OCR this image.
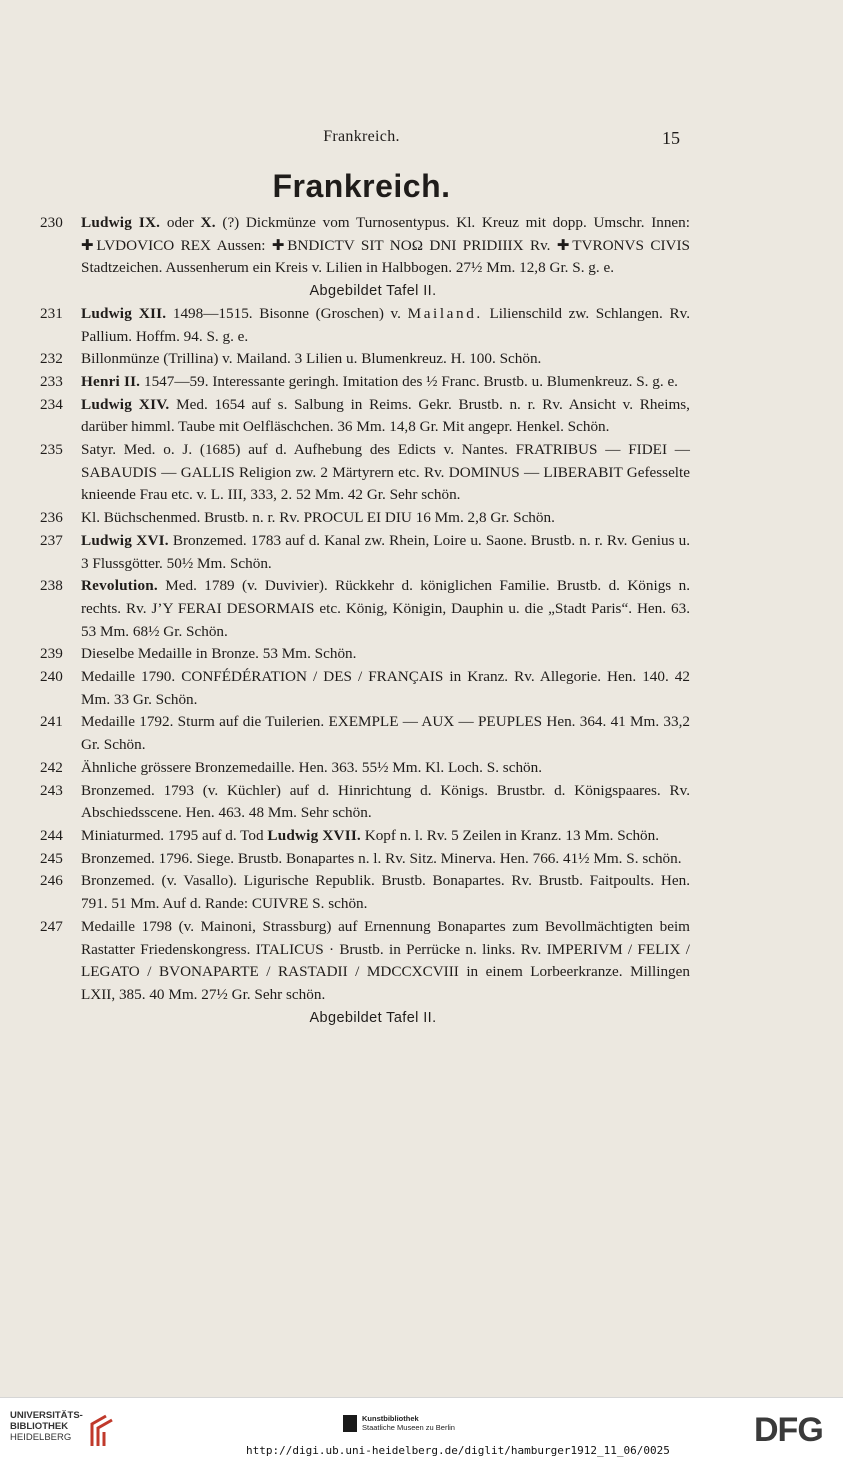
Frankreich.	15
Frankreich.
230	Ludwig IX. oder X. (?) Dickmünze vom Turnosentypus. Kl. Kreuz mit dopp. Umschr. Innen: ✚LVDOVICO REX Aussen: ✚BNDICTV SIT NOΩ DNI PRIDIIIX Rv. ✚TVRONVS CIVIS Stadtzeichen. Aussenherum ein Kreis v. Lilien in Halbbogen. 27½ Mm. 12,8 Gr. S. g. e.
Abgebildet Tafel II.
231	Ludwig XII. 1498—1515. Bisonne (Groschen) v. Mailand. Lilienschild zw. Schlangen. Rv. Pallium. Hoffm. 94. S. g. e.
232	Billonmünze (Trillina) v. Mailand. 3 Lilien u. Blumenkreuz. H. 100. Schön.
233	Henri II. 1547—59. Interessante geringh. Imitation des ½ Franc. Brustb. u. Blumenkreuz. S. g. e.
234	Ludwig XIV. Med. 1654 auf s. Salbung in Reims. Gekr. Brustb. n. r. Rv. Ansicht v. Rheims, darüber himml. Taube mit Oelfläschchen. 36 Mm. 14,8 Gr. Mit angepr. Henkel. Schön.
235	Satyr. Med. o. J. (1685) auf d. Aufhebung des Edicts v. Nantes. FRATRIBUS — FIDEI — SABAUDIS — GALLIS Religion zw. 2 Märtyrern etc. Rv. DOMINUS — LIBERABIT Gefesselte knieende Frau etc. v. L. III, 333, 2. 52 Mm. 42 Gr. Sehr schön.
236	Kl. Büchschenmed. Brustb. n. r. Rv. PROCUL EI DIU 16 Mm. 2,8 Gr. Schön.
237	Ludwig XVI. Bronzemed. 1783 auf d. Kanal zw. Rhein, Loire u. Saone. Brustb. n. r. Rv. Genius u. 3 Flussgötter. 50½ Mm. Schön.
238	Revolution. Med. 1789 (v. Duvivier). Rückkehr d. königlichen Familie. Brustb. d. Königs n. rechts. Rv. J’Y FERAI DESORMAIS etc. König, Königin, Dauphin u. die „Stadt Paris“. Hen. 63. 53 Mm. 68½ Gr. Schön.
239	Dieselbe Medaille in Bronze. 53 Mm. Schön.
240	Medaille 1790. CONFÉDÉRATION / DES / FRANÇAIS in Kranz. Rv. Allegorie. Hen. 140. 42 Mm. 33 Gr. Schön.
241	Medaille 1792. Sturm auf die Tuilerien. EXEMPLE — AUX — PEUPLES Hen. 364. 41 Mm. 33,2 Gr. Schön.
242	Ähnliche grössere Bronzemedaille. Hen. 363. 55½ Mm. Kl. Loch. S. schön.
243	Bronzemed. 1793 (v. Küchler) auf d. Hinrichtung d. Königs. Brustbr. d. Königspaares. Rv. Abschiedsscene. Hen. 463. 48 Mm. Sehr schön.
244	Miniaturmed. 1795 auf d. Tod Ludwig XVII. Kopf n. l. Rv. 5 Zeilen in Kranz. 13 Mm. Schön.
245	Bronzemed. 1796. Siege. Brustb. Bonapartes n. l. Rv. Sitz. Minerva. Hen. 766. 41½ Mm. S. schön.
246	Bronzemed. (v. Vasallo). Ligurische Republik. Brustb. Bonapartes. Rv. Brustb. Faitpoults. Hen. 791. 51 Mm. Auf d. Rande: CUIVRE S. schön.
247	Medaille 1798 (v. Mainoni, Strassburg) auf Ernennung Bonapartes zum Bevollmächtigten beim Rastatter Friedenskongress. ITALICUS · Brustb. in Perrücke n. links. Rv. IMPERIVM / FELIX / LEGATO / BVONAPARTE / RASTADII / MDCCXCVIII in einem Lorbeerkranze. Millingen LXII, 385. 40 Mm. 27½ Gr. Sehr schön.
Abgebildet Tafel II.
UNIVERSITÄTS-
BIBLIOTHEK
HEIDELBERG
Kunstbibliothek
Staatliche Museen zu Berlin	DFG
http://digi.ub.uni-heidelberg.de/diglit/hamburger1912_11_06/0025
